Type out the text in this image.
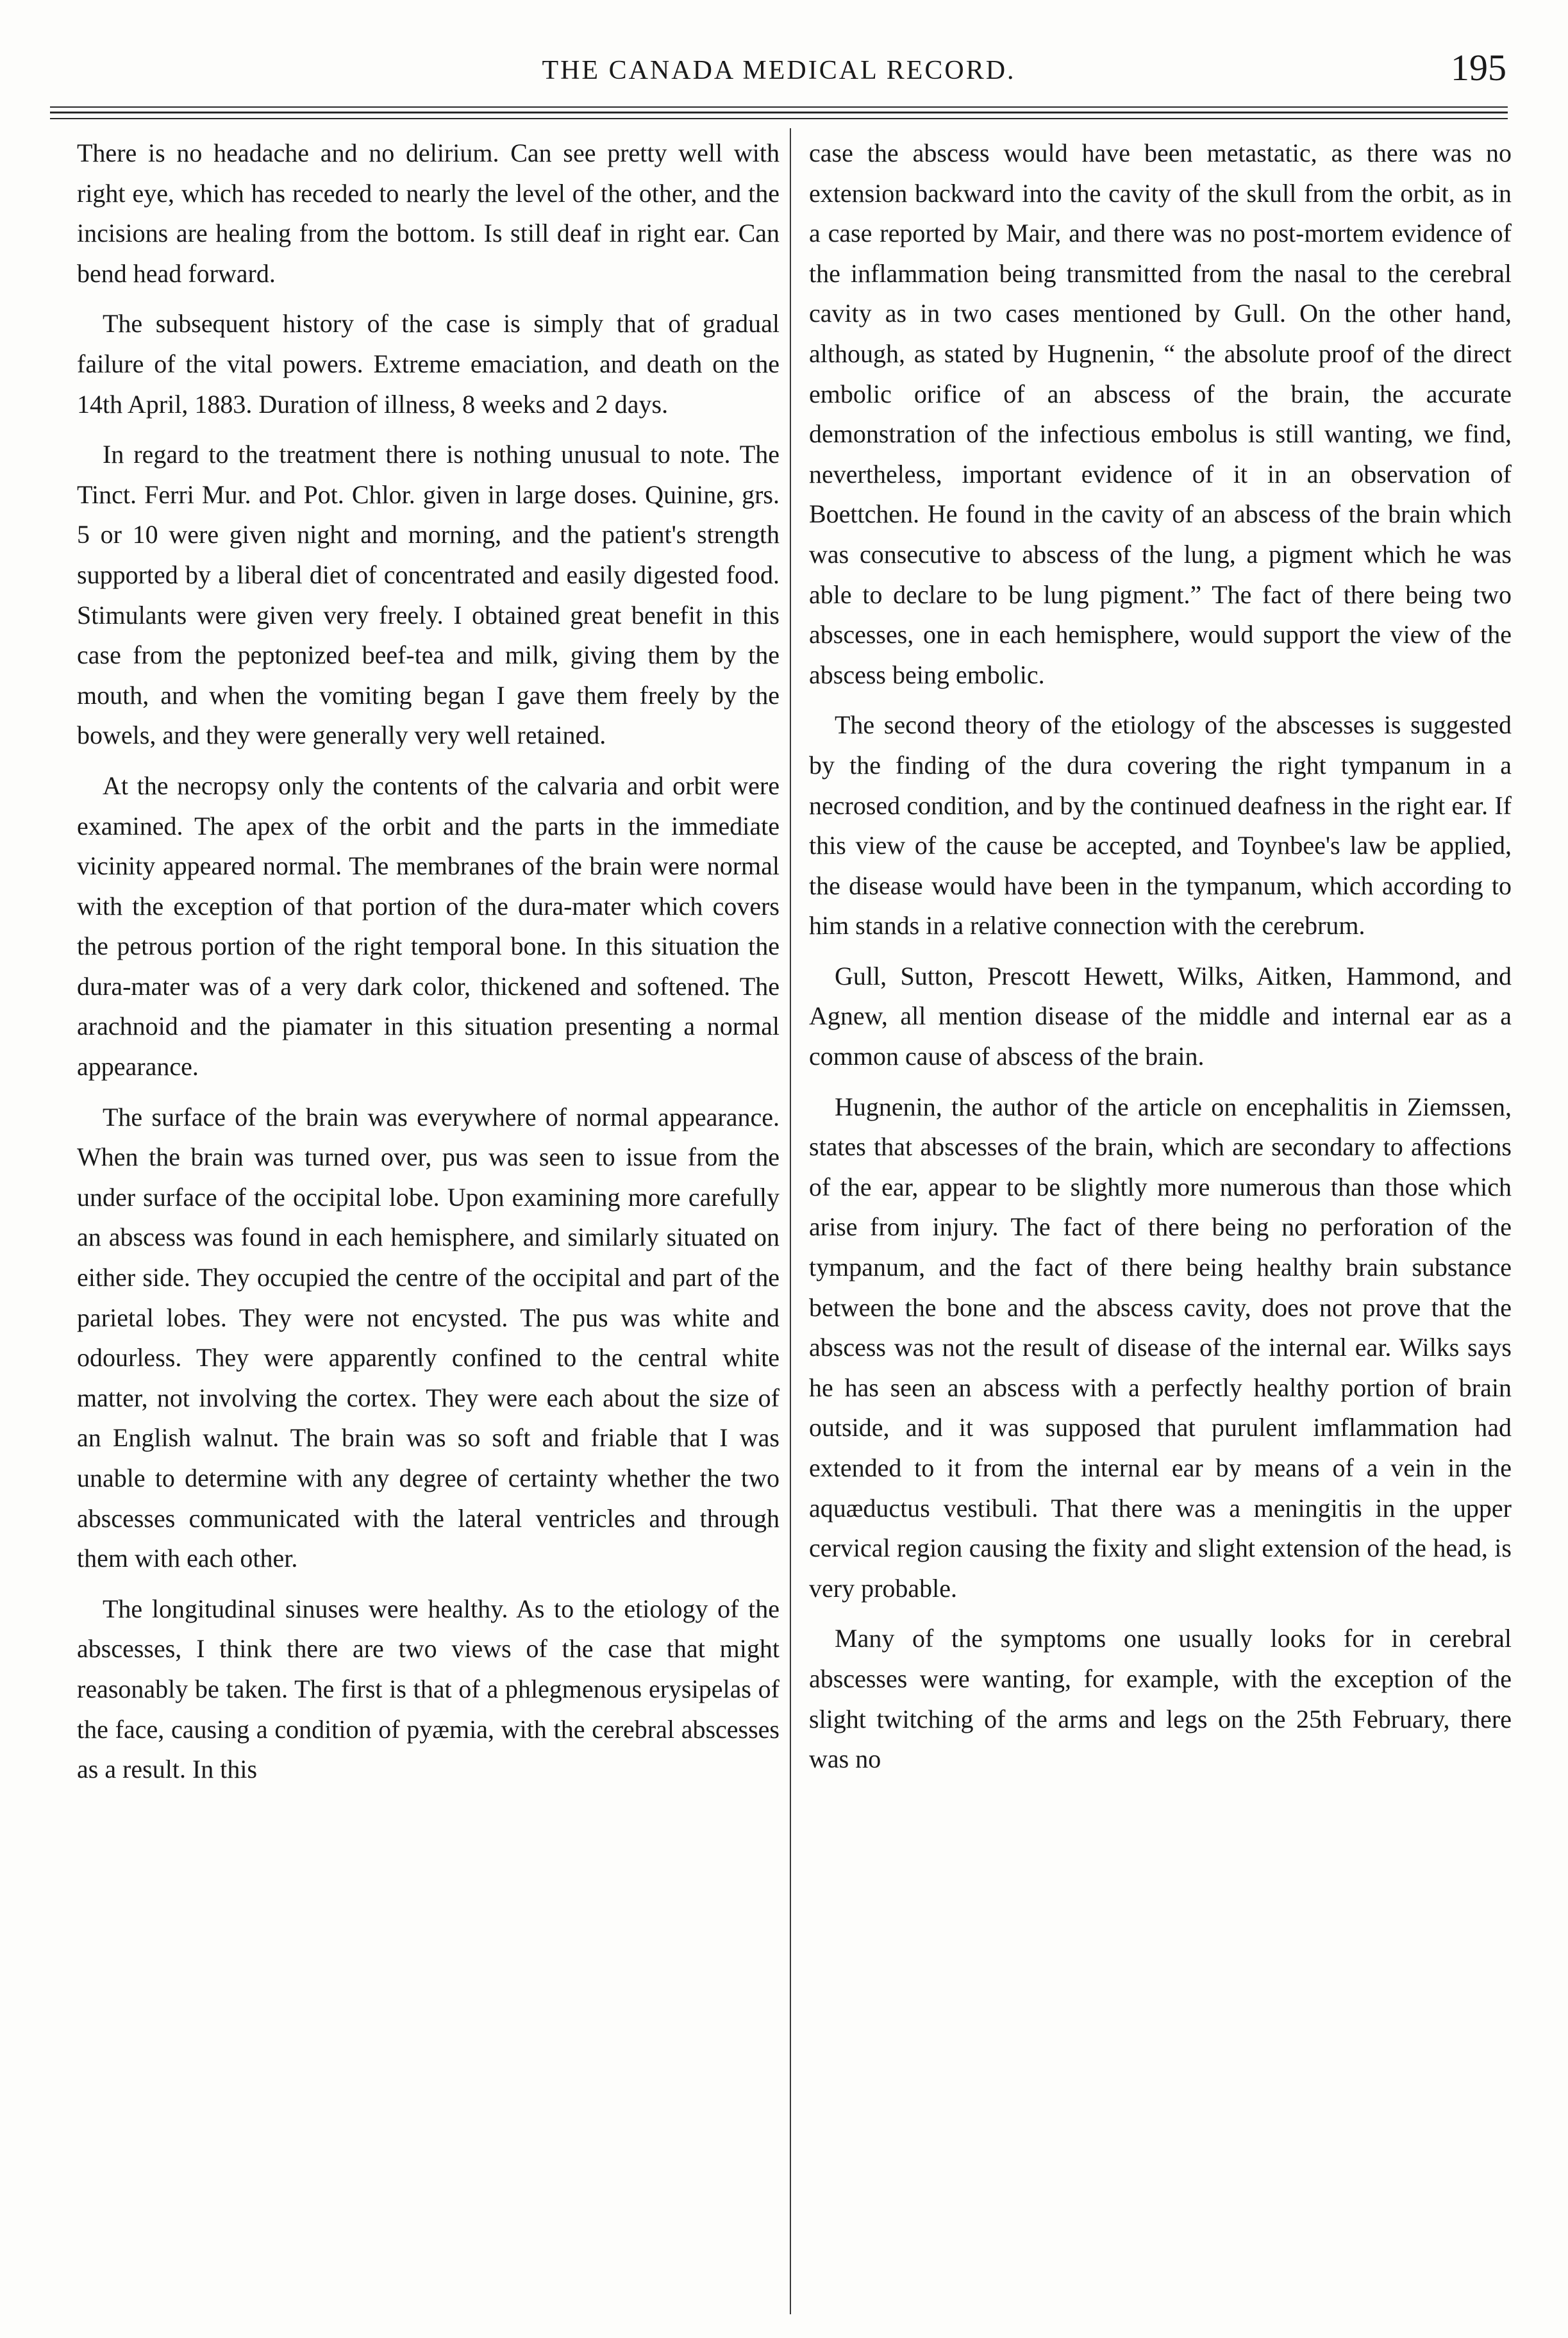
THE CANADA MEDICAL RECORD.	195

There is no headache and no delirium. Can see pretty well with right eye, which has receded to nearly the level of the other, and the incisions are healing from the bottom. Is still deaf in right ear. Can bend head forward.

The subsequent history of the case is simply that of gradual failure of the vital powers. Extreme emaciation, and death on the 14th April, 1883. Duration of illness, 8 weeks and 2 days.

In regard to the treatment there is nothing unusual to note. The Tinct. Ferri Mur. and Pot. Chlor. given in large doses. Quinine, grs. 5 or 10 were given night and morning, and the patient's strength supported by a liberal diet of concentrated and easily digested food. Stimulants were given very freely. I obtained great benefit in this case from the peptonized beef-tea and milk, giving them by the mouth, and when the vomiting began I gave them freely by the bowels, and they were generally very well retained.

At the necropsy only the contents of the calvaria and orbit were examined. The apex of the orbit and the parts in the immediate vicinity appeared normal. The membranes of the brain were normal with the exception of that portion of the dura-mater which covers the petrous portion of the right temporal bone. In this situation the dura-mater was of a very dark color, thickened and softened. The arachnoid and the piamater in this situation presenting a normal appearance.

The surface of the brain was everywhere of normal appearance. When the brain was turned over, pus was seen to issue from the under surface of the occipital lobe. Upon examining more carefully an abscess was found in each hemisphere, and similarly situated on either side. They occupied the centre of the occipital and part of the parietal lobes. They were not encysted. The pus was white and odourless. They were apparently confined to the central white matter, not involving the cortex. They were each about the size of an English walnut. The brain was so soft and friable that I was unable to determine with any degree of certainty whether the two abscesses communicated with the lateral ventricles and through them with each other.

The longitudinal sinuses were healthy. As to the etiology of the abscesses, I think there are two views of the case that might reasonably be taken. The first is that of a phlegmenous erysipelas of the face, causing a condition of pyæmia, with the cerebral abscesses as a result. In this

case the abscess would have been metastatic, as there was no extension backward into the cavity of the skull from the orbit, as in a case reported by Mair, and there was no post-mortem evidence of the inflammation being transmitted from the nasal to the cerebral cavity as in two cases mentioned by Gull. On the other hand, although, as stated by Hugnenin, “ the absolute proof of the direct embolic orifice of an abscess of the brain, the accurate demonstration of the infectious embolus is still wanting, we find, nevertheless, important evidence of it in an observation of Boettchen. He found in the cavity of an abscess of the brain which was consecutive to abscess of the lung, a pigment which he was able to declare to be lung pigment.” The fact of there being two abscesses, one in each hemisphere, would support the view of the abscess being embolic.

The second theory of the etiology of the abscesses is suggested by the finding of the dura covering the right tympanum in a necrosed condition, and by the continued deafness in the right ear. If this view of the cause be accepted, and Toynbee's law be applied, the disease would have been in the tympanum, which according to him stands in a relative connection with the cerebrum.

Gull, Sutton, Prescott Hewett, Wilks, Aitken, Hammond, and Agnew, all mention disease of the middle and internal ear as a common cause of abscess of the brain.

Hugnenin, the author of the article on encephalitis in Ziemssen, states that abscesses of the brain, which are secondary to affections of the ear, appear to be slightly more numerous than those which arise from injury. The fact of there being no perforation of the tympanum, and the fact of there being healthy brain substance between the bone and the abscess cavity, does not prove that the abscess was not the result of disease of the internal ear. Wilks says he has seen an abscess with a perfectly healthy portion of brain outside, and it was supposed that purulent imflammation had extended to it from the internal ear by means of a vein in the aquæductus vestibuli. That there was a meningitis in the upper cervical region causing the fixity and slight extension of the head, is very probable.

Many of the symptoms one usually looks for in cerebral abscesses were wanting, for example, with the exception of the slight twitching of the arms and legs on the 25th February, there was no
